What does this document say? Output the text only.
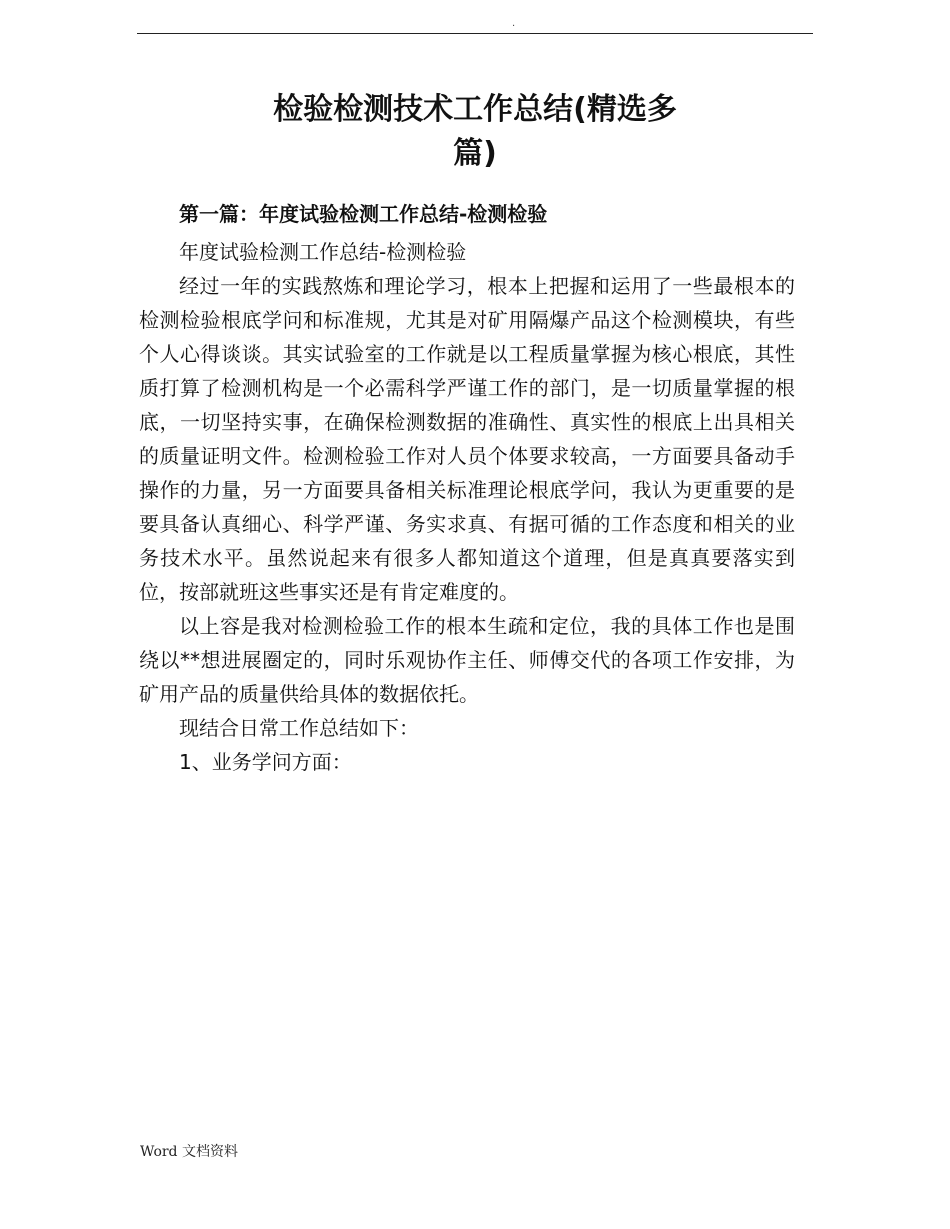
.
检验检测技术工作总结(精选多
篇)

第一篇：年度试验检测工作总结-检测检验

年度试验检测工作总结-检测检验

经过一年的实践熬炼和理论学习，根本上把握和运用了一些最根本的检测检验根底学问和标准规，尤其是对矿用隔爆产品这个检测模块，有些个人心得谈谈。其实试验室的工作就是以工程质量掌握为核心根底，其性质打算了检测机构是一个必需科学严谨工作的部门，是一切质量掌握的根底，一切坚持实事，在确保检测数据的准确性、真实性的根底上出具相关的质量证明文件。检测检验工作对人员个体要求较高，一方面要具备动手操作的力量，另一方面要具备相关标准理论根底学问，我认为更重要的是要具备认真细心、科学严谨、务实求真、有据可循的工作态度和相关的业务技术水平。虽然说起来有很多人都知道这个道理，但是真真要落实到位，按部就班这些事实还是有肯定难度的。

以上容是我对检测检验工作的根本生疏和定位，我的具体工作也是围绕以**想进展圈定的，同时乐观协作主任、师傅交代的各项工作安排，为矿用产品的质量供给具体的数据依托。

现结合日常工作总结如下：

1、业务学问方面：

Word 文档资料
